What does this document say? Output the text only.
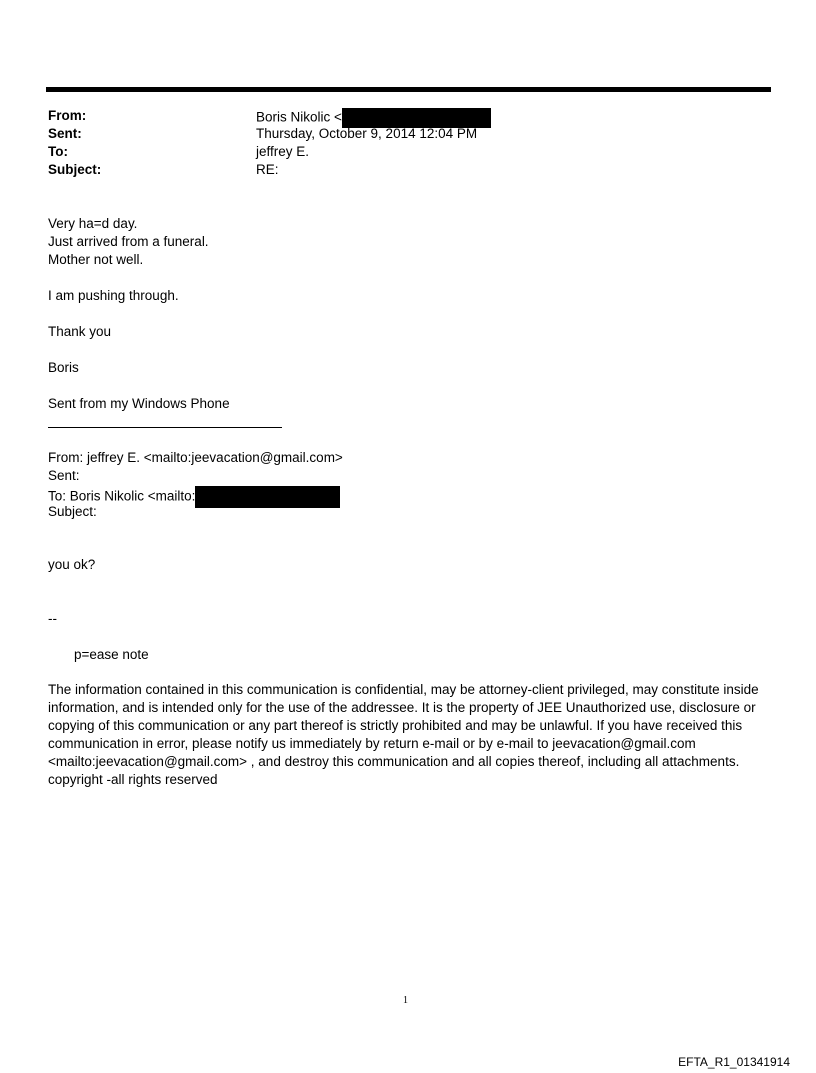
From:	Boris Nikolic <
Sent:	Thursday, October 9, 2014 12:04 PM
To:	jeffrey E.
Subject:	RE:
Very ha=d day.
Just arrived from a funeral.
Mother not well.
I am pushing through.
Thank you
Boris
Sent from my Windows Phone
From: jeffrey E. <mailto:jeevacation@gmail.com>
Sent:
To: Boris Nikolic <mailto:
Subject:
you ok?
--
p=ease note
The information contained in this communication is confidential, may be attorney-client privileged, may constitute inside information, and is intended only for the use of the addressee. It is the property of JEE Unauthorized use, disclosure or copying of this communication or any part thereof is strictly prohibited and may be unlawful. If you have received this communication in error, please notify us immediately by return e-mail or by e-mail to jeevacation@gmail.com <mailto:jeevacation@gmail.com> , and destroy this communication and all copies thereof, including all attachments. copyright -all rights reserved
1
EFTA_R1_01341914
